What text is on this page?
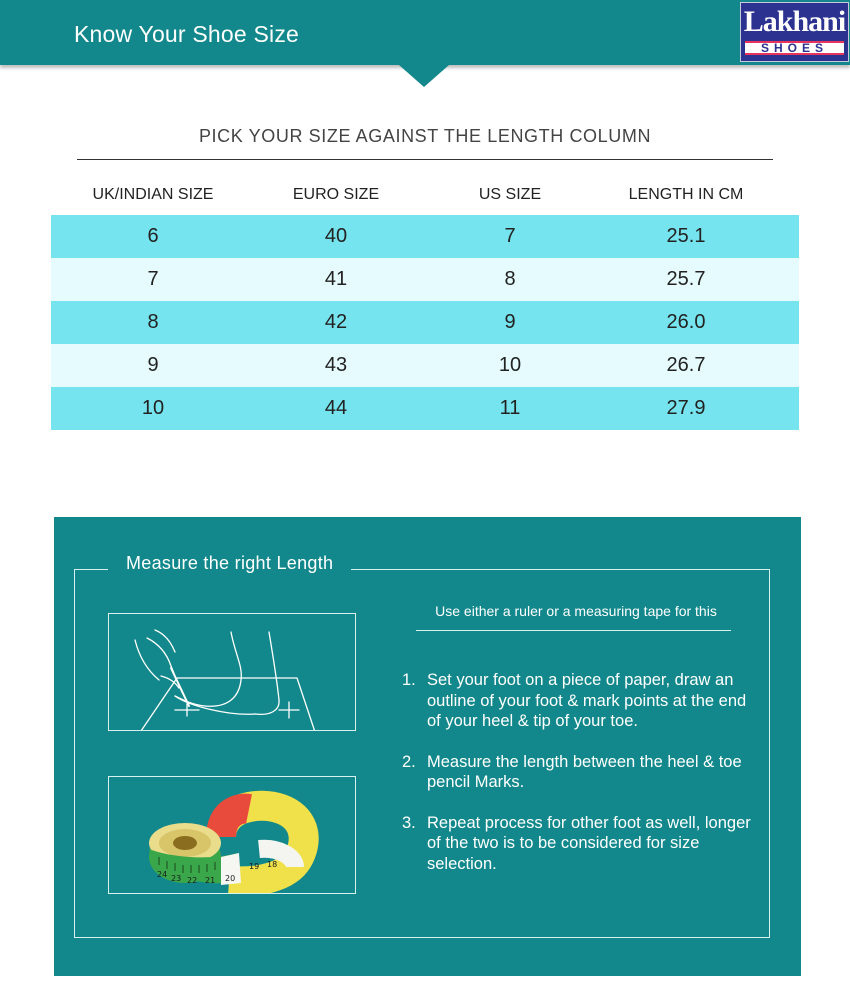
Know Your Shoe Size	Lakhani
SHOES
PICK YOUR SIZE AGAINST THE LENGTH COLUMN
UK/INDIAN SIZE	EURO SIZE	US SIZE	LENGTH IN CM
6	40	7	25.1
7	41	8	25.7
8	42	9	26.0
9	43	10	26.7
10	44	11	27.9
Measure the right Length
24 23 22 21 20
19 18
Use either a ruler or a measuring tape for this
1. Set your foot on a piece of paper, draw an outline of your foot & mark points at the end of your heel & tip of your toe.
2. Measure the length between the heel & toe pencil Marks.
3. Repeat process for other foot as well, longer of the two is to be considered for size selection.
